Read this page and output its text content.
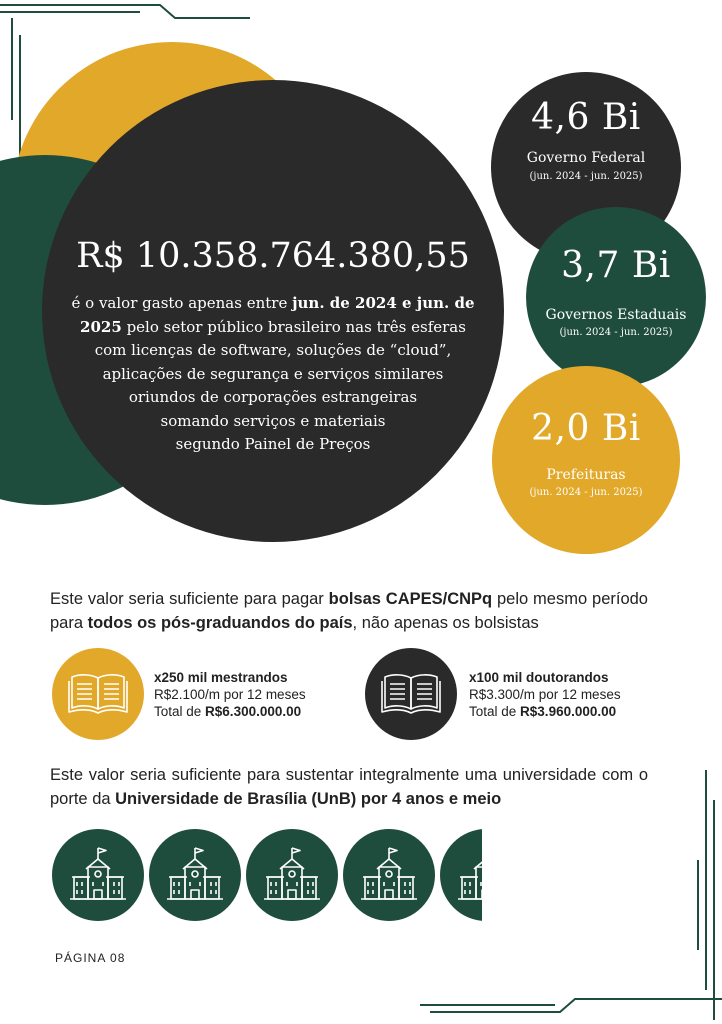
R$ 10.358.764.380,55
é o valor gasto apenas entre jun. de 2024 e jun. de
2025 pelo setor público brasileiro nas três esferas
com licenças de software, soluções de “cloud”,
aplicações de segurança e serviços similares
oriundos de corporações estrangeiras
somando serviços e materiais
segundo Painel de Preços
4,6 Bi
Governo Federal
(jun. 2024 - jun. 2025)
3,7 Bi
Governos Estaduais
(jun. 2024 - jun. 2025)
2,0 Bi
Prefeituras
(jun. 2024 - jun. 2025)
Este valor seria suficiente para pagar bolsas CAPES/CNPq pelo mesmo período para todos os pós-graduandos do país, não apenas os bolsistas
x250 mil mestrandos
R$2.100/m por 12 meses
Total de R$6.300.000.00
x100 mil doutorandos
R$3.300/m por 12 meses
Total de R$3.960.000.00
Este valor seria suficiente para sustentar integralmente uma universidade com o porte da Universidade de Brasília (UnB) por 4 anos e meio
PÁGINA 08
